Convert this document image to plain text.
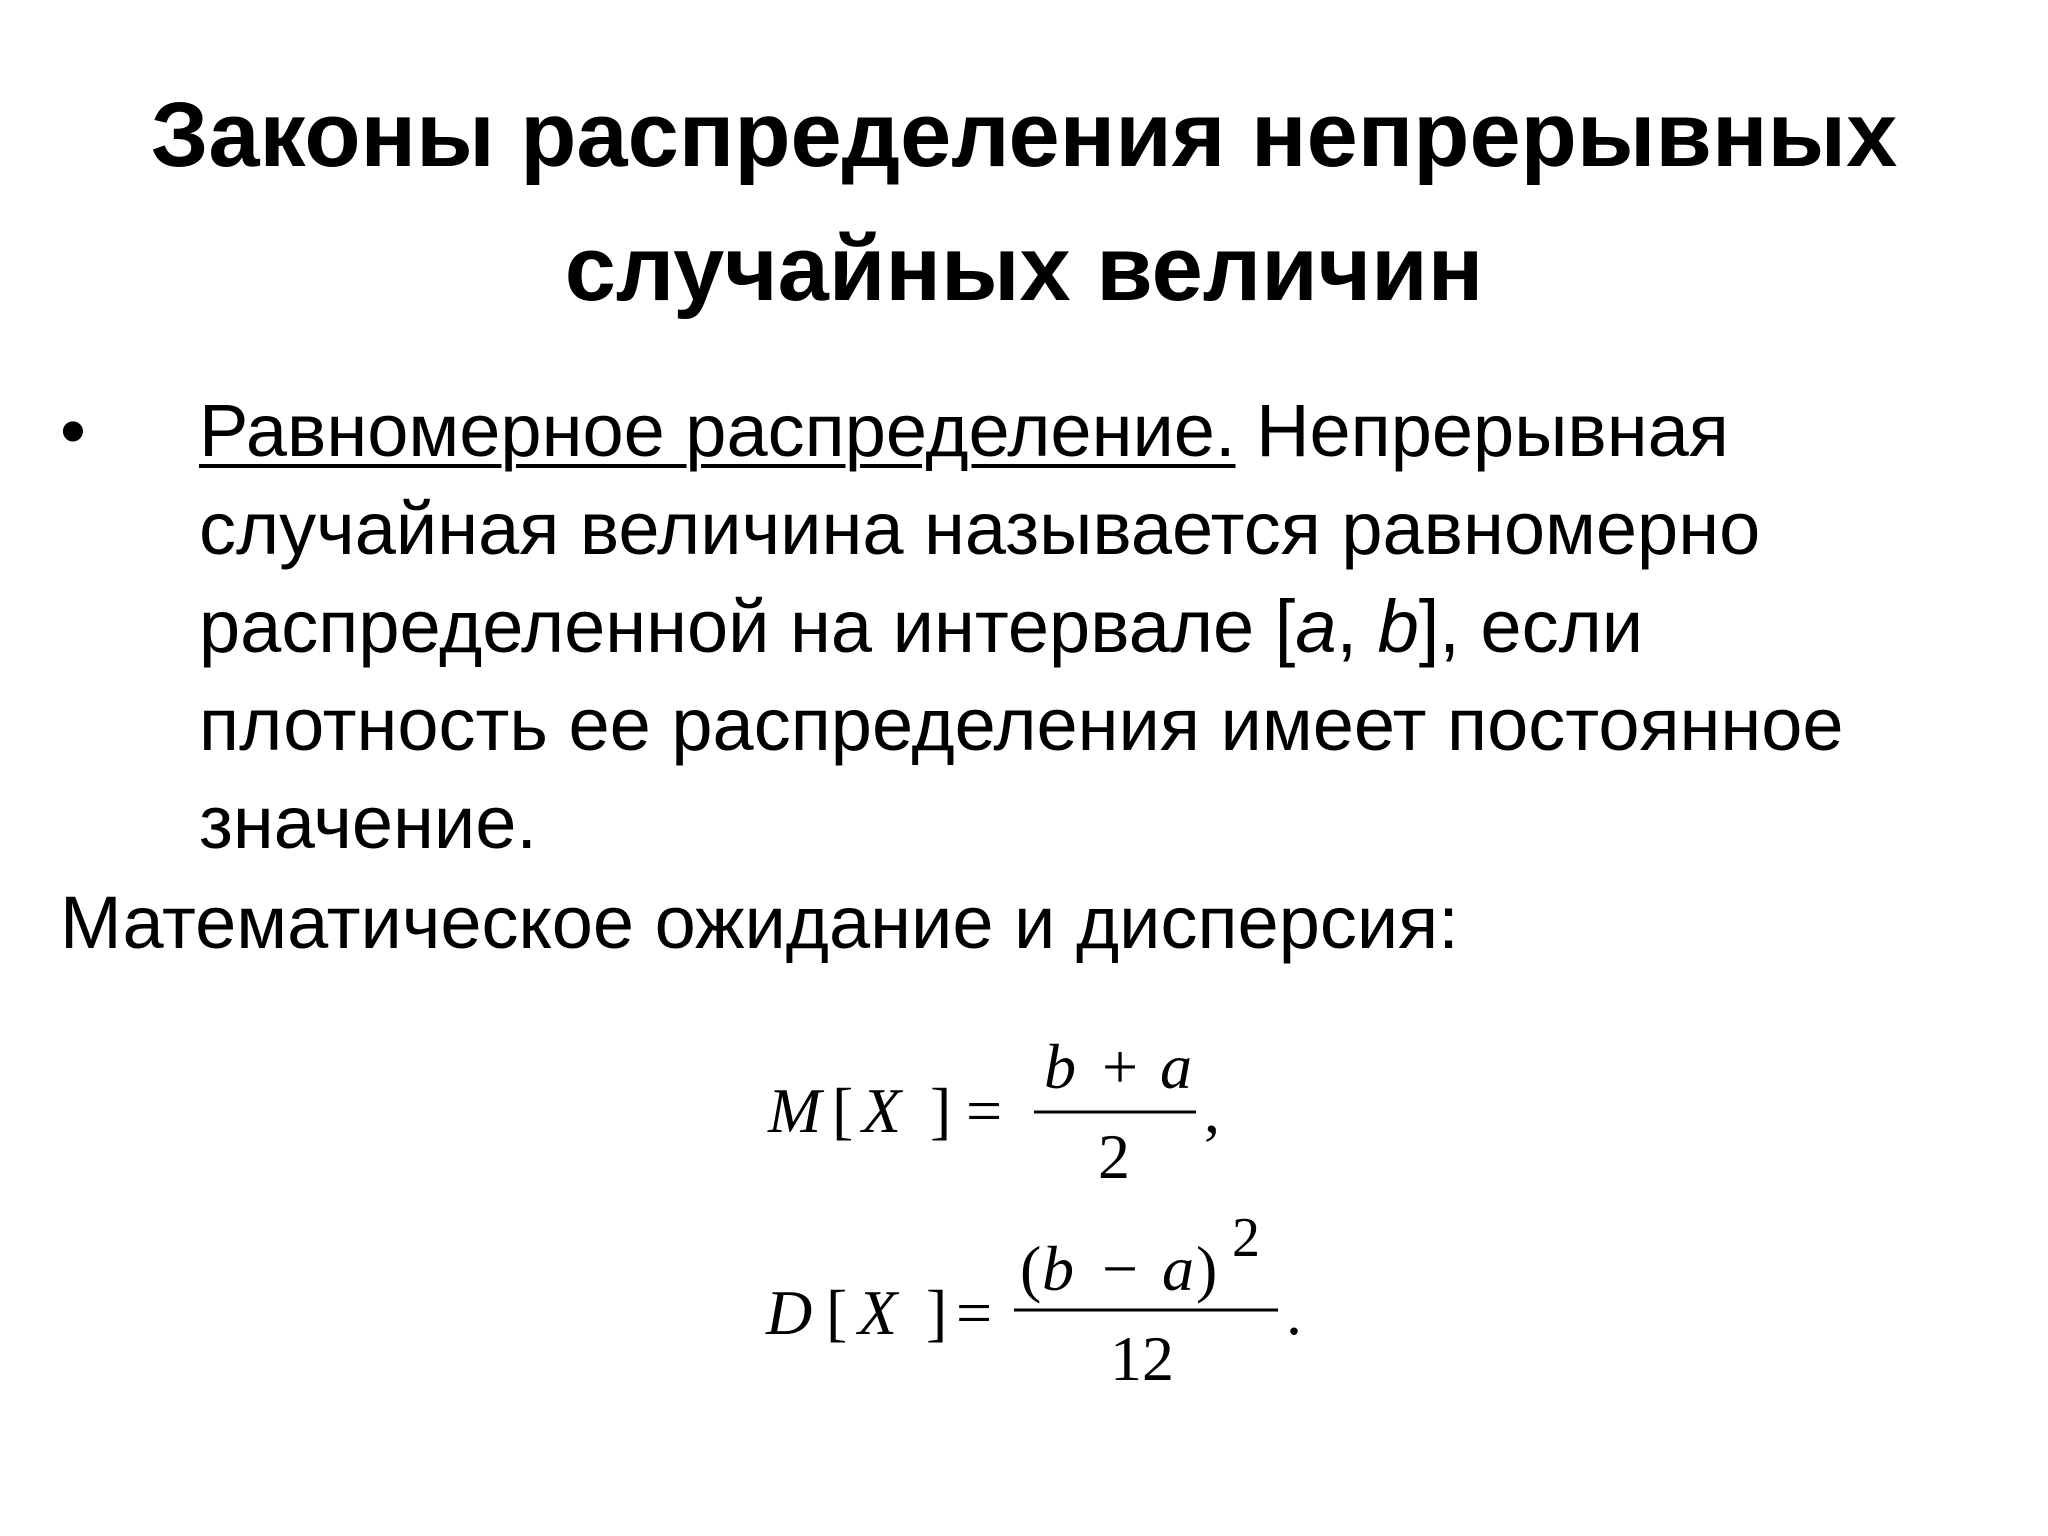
Законы распределения непрерывных
случайных величин
• Равномерное распределение. Непрерывная
случайная величина называется равномерно
распределенной на интервале [a, b], если
плотность ее распределения имеет постоянное
значение.
Математическое ожидание и дисперсия:
M [ X ] =
b + a
2
,
D [ X ] =
( b − a ) 2
12
.
